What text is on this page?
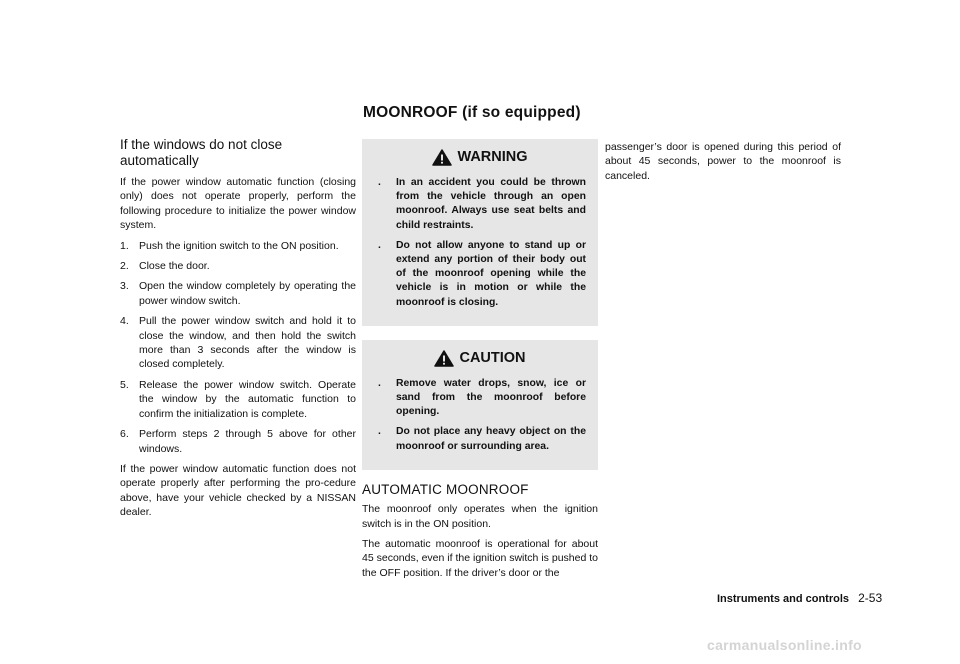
MOONROOF (if so equipped)
If the windows do not close automatically
If the power window automatic function (closing only) does not operate properly, perform the following procedure to initialize the power window system.
1. Push the ignition switch to the ON position.
2. Close the door.
3. Open the window completely by operating the power window switch.
4. Pull the power window switch and hold it to close the window, and then hold the switch more than 3 seconds after the window is closed completely.
5. Release the power window switch. Operate the window by the automatic function to confirm the initialization is complete.
6. Perform steps 2 through 5 above for other windows.
If the power window automatic function does not operate properly after performing the pro-cedure above, have your vehicle checked by a NISSAN dealer.
WARNING
. In an accident you could be thrown from the vehicle through an open moonroof. Always use seat belts and child restraints.
. Do not allow anyone to stand up or extend any portion of their body out of the moonroof opening while the vehicle is in motion or while the moonroof is closing.
CAUTION
. Remove water drops, snow, ice or sand from the moonroof before opening.
. Do not place any heavy object on the moonroof or surrounding area.
AUTOMATIC MOONROOF
The moonroof only operates when the ignition switch is in the ON position.
The automatic moonroof is operational for about 45 seconds, even if the ignition switch is pushed to the OFF position. If the driver’s door or the
passenger’s door is opened during this period of about 45 seconds, power to the moonroof is canceled.
Instruments and controls 2-53
carmanualsonline.info
